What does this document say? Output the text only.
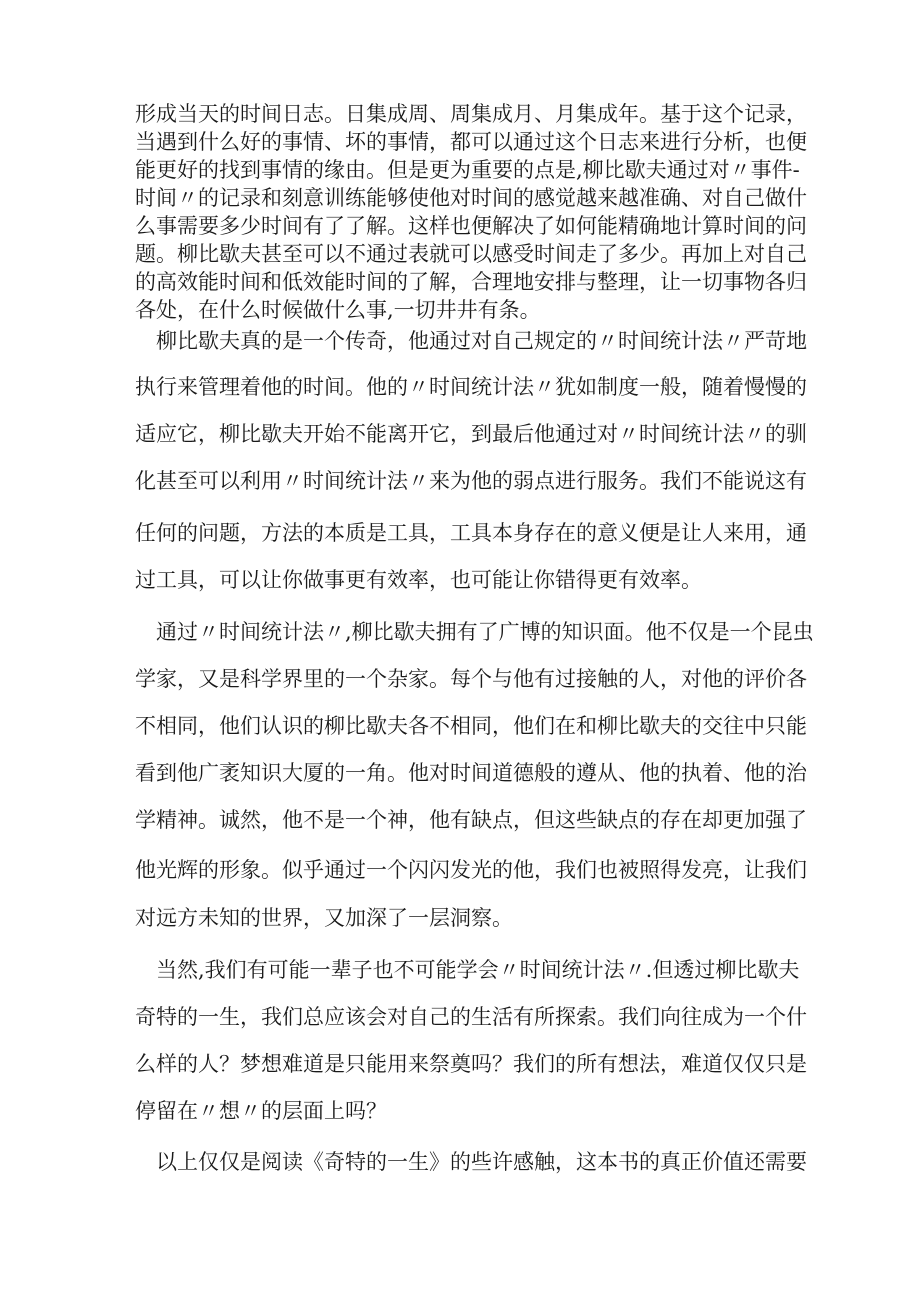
形成当天的时间日志。日集成周、周集成月、月集成年。基于这个记录，
当遇到什么好的事情、坏的事情，都可以通过这个日志来进行分析，也便
能更好的找到事情的缘由。但是更为重要的点是,柳比歇夫通过对〃事件-
时间〃的记录和刻意训练能够使他对时间的感觉越来越准确、对自己做什
么事需要多少时间有了了解。这样也便解决了如何能精确地计算时间的问
题。柳比歇夫甚至可以不通过表就可以感受时间走了多少。再加上对自己
的高效能时间和低效能时间的了解，合理地安排与整理，让一切事物各归
各处，在什么时候做什么事,一切井井有条。
柳比歇夫真的是一个传奇，他通过对自己规定的〃时间统计法〃严苛地
执行来管理着他的时间。他的〃时间统计法〃犹如制度一般，随着慢慢的
适应它，柳比歇夫开始不能离开它，到最后他通过对〃时间统计法〃的驯
化甚至可以利用〃时间统计法〃来为他的弱点进行服务。我们不能说这有
任何的问题，方法的本质是工具，工具本身存在的意义便是让人来用，通
过工具，可以让你做事更有效率，也可能让你错得更有效率。
通过〃时间统计法〃,柳比歇夫拥有了广博的知识面。他不仅是一个昆虫
学家，又是科学界里的一个杂家。每个与他有过接触的人，对他的评价各
不相同，他们认识的柳比歇夫各不相同，他们在和柳比歇夫的交往中只能
看到他广袤知识大厦的一角。他对时间道德般的遵从、他的执着、他的治
学精神。诚然，他不是一个神，他有缺点，但这些缺点的存在却更加强了
他光辉的形象。似乎通过一个闪闪发光的他，我们也被照得发亮，让我们
对远方未知的世界，又加深了一层洞察。
当然,我们有可能一辈子也不可能学会〃时间统计法〃.但透过柳比歇夫
奇特的一生，我们总应该会对自己的生活有所探索。我们向往成为一个什
么样的人？梦想难道是只能用来祭奠吗？我们的所有想法，难道仅仅只是
停留在〃想〃的层面上吗？
以上仅仅是阅读《奇特的一生》的些许感触，这本书的真正价值还需要
